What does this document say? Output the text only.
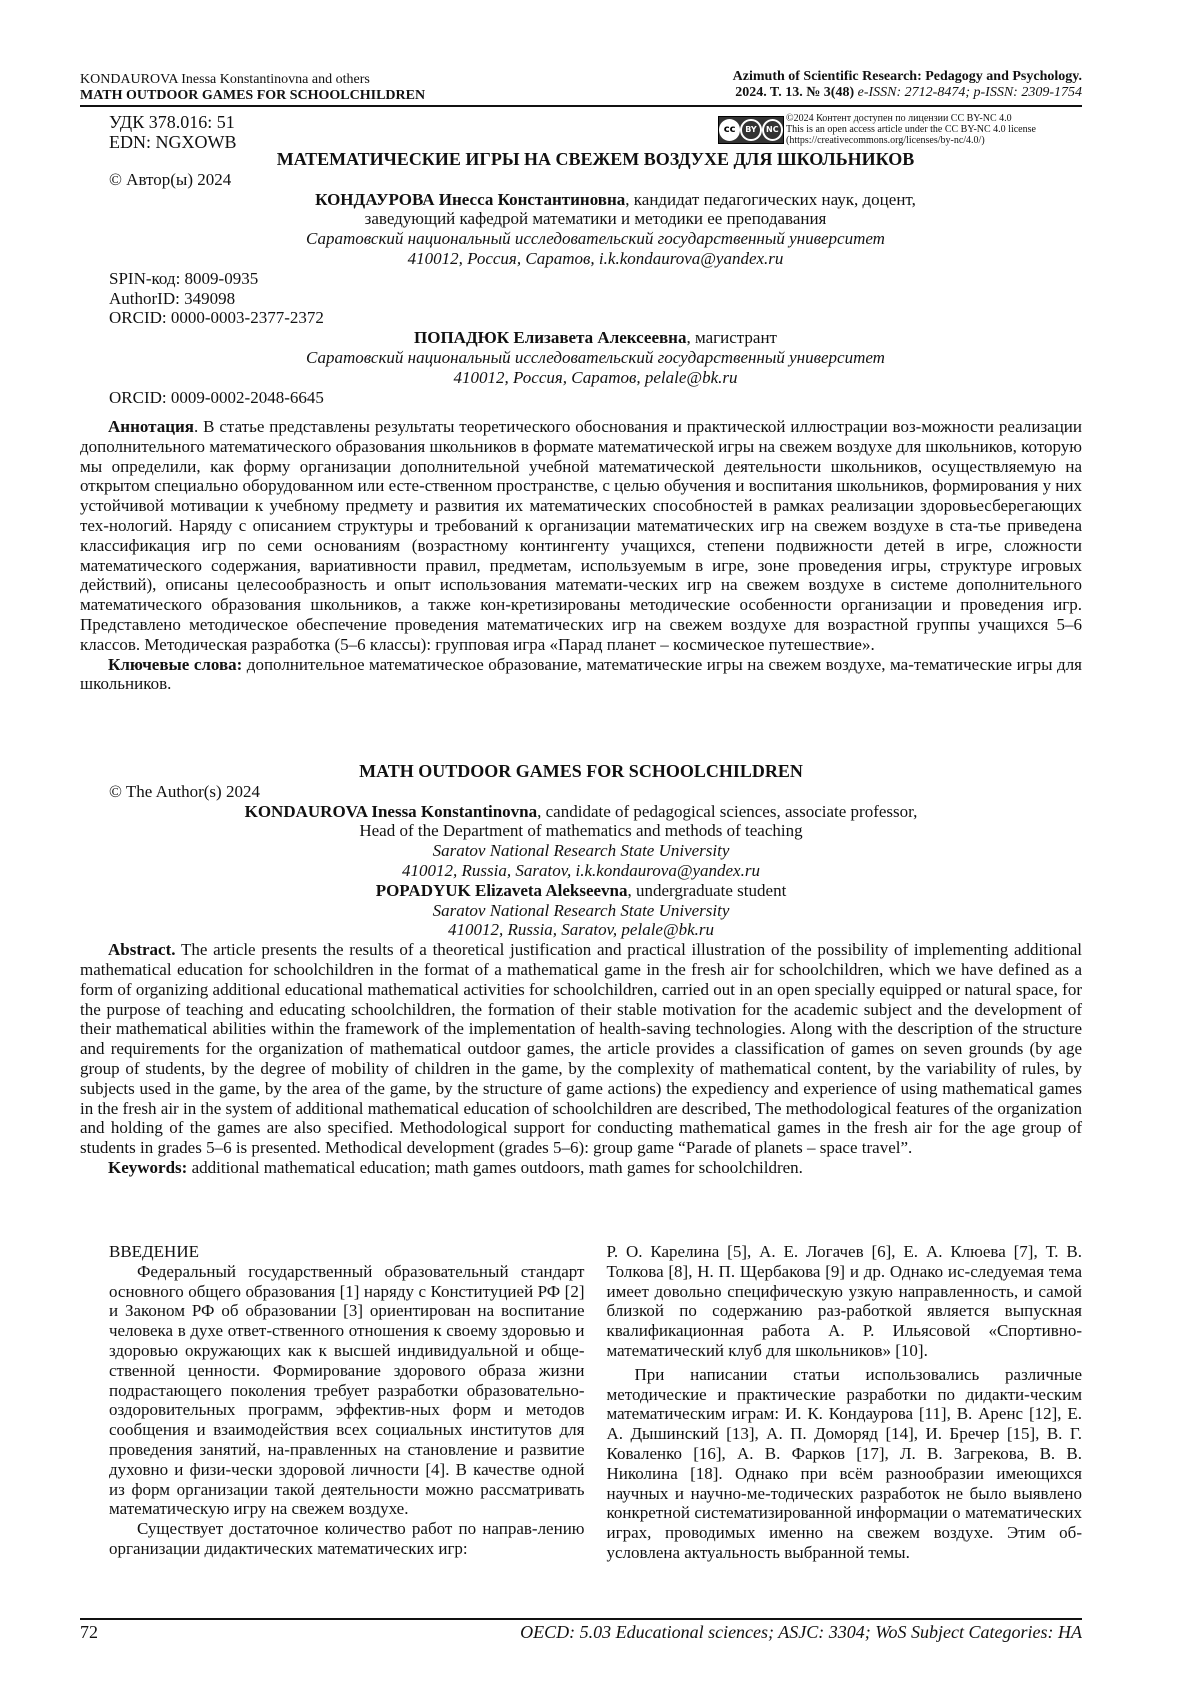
KONDAUROVA Inessa Konstantinovna and others
MATH OUTDOOR GAMES FOR SCHOOLCHILDREN
Azimuth of Scientific Research: Pedagogy and Psychology.
2024. T. 13. № 3(48) e-ISSN: 2712-8474; p-ISSN: 2309-1754
УДК 378.016: 51
EDN: NGXOWB
cc	BY	NC
©2024 Контент доступен по лицензии CC BY-NC 4.0
This is an open access article under the CC BY-NC 4.0 license
(https://creativecommons.org/licenses/by-nc/4.0/)
МАТЕМАТИЧЕСКИЕ ИГРЫ НА СВЕЖЕМ ВОЗДУХЕ ДЛЯ ШКОЛЬНИКОВ
© Автор(ы) 2024
КОНДАУРОВА Инесса Константиновна, кандидат педагогических наук, доцент,
заведующий кафедрой математики и методики ее преподавания
Саратовский национальный исследовательский государственный университет
410012, Россия, Саратов, i.k.kondaurova@yandex.ru
SPIN-код: 8009-0935
AuthorID: 349098
ORCID: 0000-0003-2377-2372
ПОПАДЮК Елизавета Алексеевна, магистрант
Саратовский национальный исследовательский государственный университет
410012, Россия, Саратов, pelale@bk.ru
ORCID: 0009-0002-2048-6645

Аннотация. В статье представлены результаты теоретического обоснования и практической иллюстрации воз-можности реализации дополнительного математического образования школьников в формате математической игры на свежем воздухе для школьников, которую мы определили, как форму организации дополнительной учебной математической деятельности школьников, осуществляемую на открытом специально оборудованном или есте-ственном пространстве, с целью обучения и воспитания школьников, формирования у них устойчивой мотивации к учебному предмету и развития их математических способностей в рамках реализации здоровьесберегающих тех-нологий. Наряду с описанием структуры и требований к организации математических игр на свежем воздухе в ста-тье приведена классификация игр по семи основаниям (возрастному контингенту учащихся, степени подвижности детей в игре, сложности математического содержания, вариативности правил, предметам, используемым в игре, зоне проведения игры, структуре игровых действий), описаны целесообразность и опыт использования математи-ческих игр на свежем воздухе в системе дополнительного математического образования школьников, а также кон-кретизированы методические особенности организации и проведения игр. Представлено методическое обеспечение проведения математических игр на свежем воздухе для возрастной группы учащихся 5–6 классов. Методическая разработка (5–6 классы): групповая игра «Парад планет – космическое путешествие».

Ключевые слова: дополнительное математическое образование, математические игры на свежем воздухе, ма-тематические игры для школьников.

MATH OUTDOOR GAMES FOR SCHOOLCHILDREN
© The Author(s) 2024
KONDAUROVA Inessa Konstantinovna, candidate of pedagogical sciences, associate professor,
Head of the Department of mathematics and methods of teaching
Saratov National Research State University
410012, Russia, Saratov, i.k.kondaurova@yandex.ru
POPADYUK Elizaveta Alekseevna, undergraduate student
Saratov National Research State University
410012, Russia, Saratov, pelale@bk.ru

Abstract. The article presents the results of a theoretical justification and practical illustration of the possibility of implementing additional mathematical education for schoolchildren in the format of a mathematical game in the fresh air for schoolchildren, which we have defined as a form of organizing additional educational mathematical activities for schoolchildren, carried out in an open specially equipped or natural space, for the purpose of teaching and educating schoolchildren, the formation of their stable motivation for the academic subject and the development of their mathematical abilities within the framework of the implementation of health-saving technologies. Along with the description of the structure and requirements for the organization of mathematical outdoor games, the article provides a classification of games on seven grounds (by age group of students, by the degree of mobility of children in the game, by the complexity of mathematical content, by the variability of rules, by subjects used in the game, by the area of the game, by the structure of game actions) the expediency and experience of using mathematical games in the fresh air in the system of additional mathematical education of schoolchildren are described, The methodological features of the organization and holding of the games are also specified. Methodological support for conducting mathematical games in the fresh air for the age group of students in grades 5–6 is presented. Methodical development (grades 5–6): group game “Parade of planets – space travel”.

Keywords: additional mathematical education; math games outdoors, math games for schoolchildren.

ВВЕДЕНИЕ

Федеральный государственный образовательный стандарт основного общего образования [1] наряду с Конституцией РФ [2] и Законом РФ об образовании [3] ориентирован на воспитание человека в духе ответ-ственного отношения к своему здоровью и здоровью окружающих как к высшей индивидуальной и обще-ственной ценности. Формирование здорового образа жизни подрастающего поколения требует разработки образовательно-оздоровительных программ, эффектив-ных форм и методов сообщения и взаимодействия всех социальных институтов для проведения занятий, на-правленных на становление и развитие духовно и физи-чески здоровой личности [4]. В качестве одной из форм организации такой деятельности можно рассматривать математическую игру на свежем воздухе.

Существует достаточное количество работ по направ-лению организации дидактических математических игр:

Р. О. Карелина [5], А. Е. Логачев [6], Е. А. Клюева [7], Т. В. Толкова [8], Н. П. Щербакова [9] и др. Однако ис-следуемая тема имеет довольно специфическую узкую направленность, и самой близкой по содержанию раз-работкой является выпускная квалификационная работа А. Р. Ильясовой «Спортивно-математический клуб для школьников» [10].

При написании статьи использовались различные методические и практические разработки по дидакти-ческим математическим играм: И. К. Кондаурова [11], В. Аренс [12], Е. А. Дышинский [13], А. П. Доморяд [14], И. Бречер [15], В. Г. Коваленко [16], А. В. Фарков [17], Л. В. Загрекова, В. В. Николина [18]. Однако при всём разнообразии имеющихся научных и научно-ме-тодических разработок не было выявлено конкретной систематизированной информации о математических играх, проводимых именно на свежем воздухе. Этим об-условлена актуальность выбранной темы.

72	OECD: 5.03 Educational sciences; ASJC: 3304; WoS Subject Categories: HA
